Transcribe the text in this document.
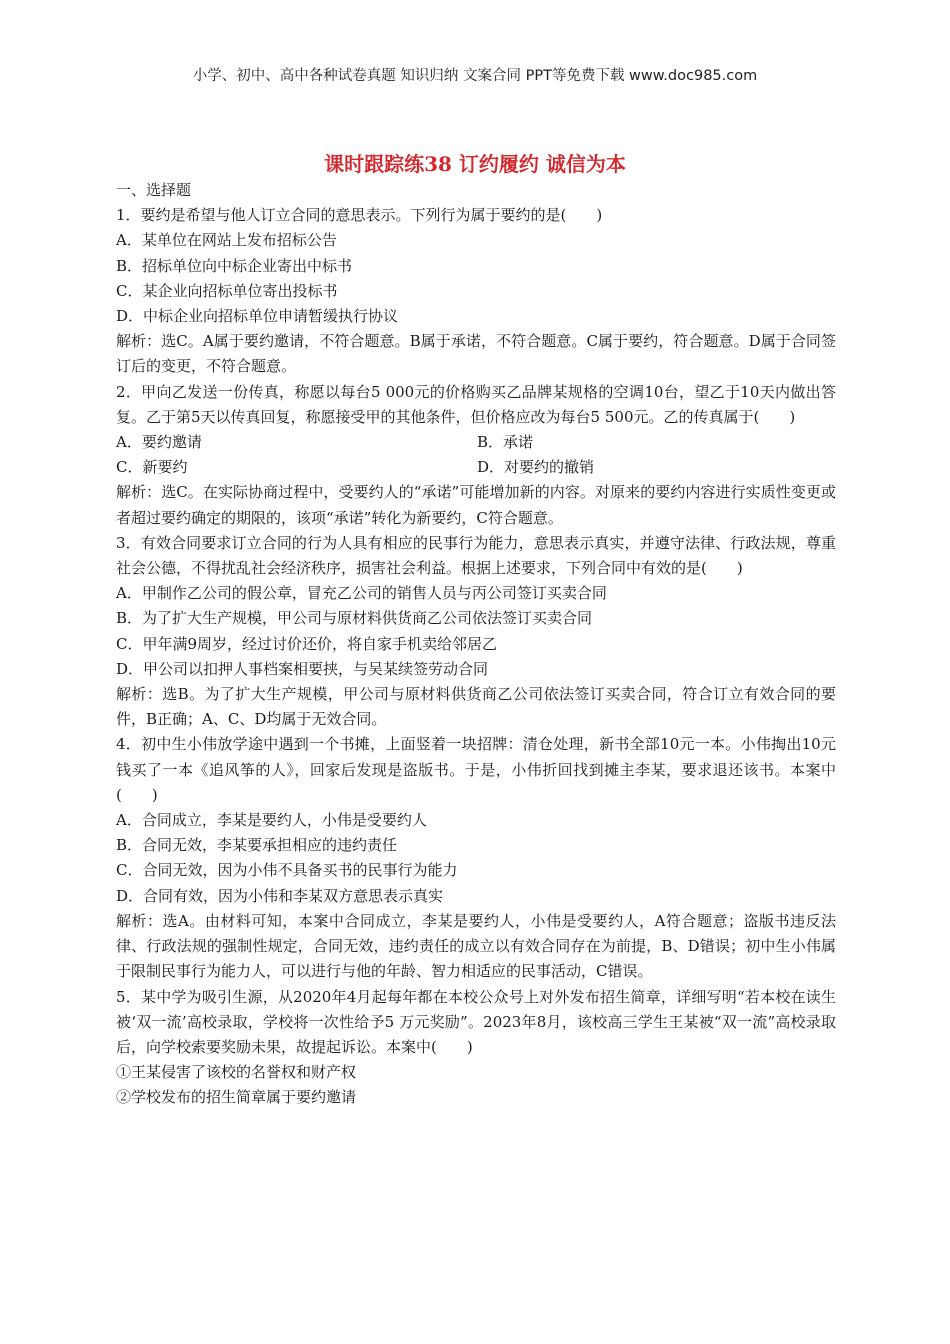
小学、初中、高中各种试卷真题 知识归纳 文案合同 PPT等免费下载 www.doc985.com
课时跟踪练38 订约履约 诚信为本

一、选择题

1．要约是希望与他人订立合同的意思表示。下列行为属于要约的是(　　)

A．某单位在网站上发布招标公告

B．招标单位向中标企业寄出中标书

C．某企业向招标单位寄出投标书

D．中标企业向招标单位申请暂缓执行协议

解析：选C。A属于要约邀请，不符合题意。B属于承诺，不符合题意。C属于要约，符合题意。D属于合同签订后的变更，不符合题意。

2．甲向乙发送一份传真，称愿以每台5 000元的价格购买乙品牌某规格的空调10台，望乙于10天内做出答复。乙于第5天以传真回复，称愿接受甲的其他条件，但价格应改为每台5 500元。乙的传真属于(　　)

A．要约邀请	B．承诺
C．新要约	D．对要约的撤销

解析：选C。在实际协商过程中，受要约人的“承诺”可能增加新的内容。对原来的要约内容进行实质性变更或者超过要约确定的期限的，该项“承诺”转化为新要约，C符合题意。

3．有效合同要求订立合同的行为人具有相应的民事行为能力，意思表示真实，并遵守法律、行政法规，尊重社会公德，不得扰乱社会经济秩序，损害社会利益。根据上述要求，下列合同中有效的是(　　)

A．甲制作乙公司的假公章，冒充乙公司的销售人员与丙公司签订买卖合同

B．为了扩大生产规模，甲公司与原材料供货商乙公司依法签订买卖合同

C．甲年满9周岁，经过讨价还价，将自家手机卖给邻居乙

D．甲公司以扣押人事档案相要挟，与吴某续签劳动合同

解析：选B。为了扩大生产规模，甲公司与原材料供货商乙公司依法签订买卖合同，符合订立有效合同的要件，B正确；A、C、D均属于无效合同。

4．初中生小伟放学途中遇到一个书摊，上面竖着一块招牌：清仓处理，新书全部10元一本。小伟掏出10元钱买了一本《追风筝的人》，回家后发现是盗版书。于是，小伟折回找到摊主李某，要求退还该书。本案中(　　)

A．合同成立，李某是要约人，小伟是受要约人

B．合同无效，李某要承担相应的违约责任

C．合同无效，因为小伟不具备买书的民事行为能力

D．合同有效，因为小伟和李某双方意思表示真实

解析：选A。由材料可知，本案中合同成立，李某是要约人，小伟是受要约人，A符合题意；盗版书违反法律、行政法规的强制性规定，合同无效，违约责任的成立以有效合同存在为前提，B、D错误；初中生小伟属于限制民事行为能力人，可以进行与他的年龄、智力相适应的民事活动，C错误。

5．某中学为吸引生源，从2020年4月起每年都在本校公众号上对外发布招生简章，详细写明“若本校在读生被‘双一流’高校录取，学校将一次性给予5 万元奖励”。2023年8月，该校高三学生王某被“双一流”高校录取后，向学校索要奖励未果，故提起诉讼。本案中(　　)

①王某侵害了该校的名誉权和财产权

②学校发布的招生简章属于要约邀请
